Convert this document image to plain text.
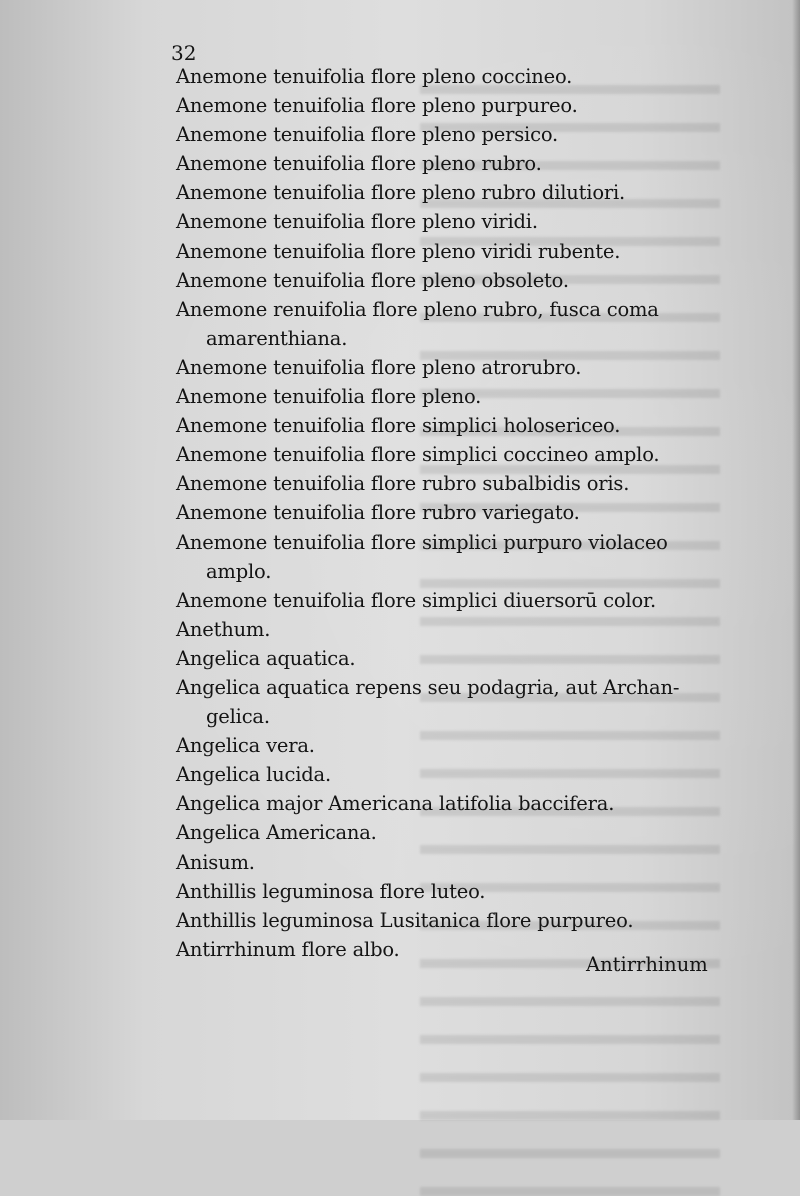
32
Anemone tenuifolia flore pleno coccineo.
Anemone tenuifolia flore pleno purpureo.
Anemone tenuifolia flore pleno persico.
Anemone tenuifolia flore pleno rubro.
Anemone tenuifolia flore pleno rubro dilutiori.
Anemone tenuifolia flore pleno viridi.
Anemone tenuifolia flore pleno viridi rubente.
Anemone tenuifolia flore pleno obsoleto.
Anemone renuifolia flore pleno rubro, fusca coma
amarenthiana.
Anemone tenuifolia flore pleno atrorubro.
Anemone tenuifolia flore pleno.
Anemone tenuifolia flore simplici holosericeo.
Anemone tenuifolia flore simplici coccineo amplo.
Anemone tenuifolia flore rubro subalbidis oris.
Anemone tenuifolia flore rubro variegato.
Anemone tenuifolia flore simplici purpuro violaceo
amplo.
Anemone tenuifolia flore simplici diuersorū color.
Anethum.
Angelica aquatica.
Angelica aquatica repens seu podagria, aut Archan-
gelica.
Angelica vera.
Angelica lucida.
Angelica major Americana latifolia baccifera.
Angelica Americana.
Anisum.
Anthillis leguminosa flore luteo.
Anthillis leguminosa Lusitanica flore purpureo.
Antirrhinum flore albo.
Antirrhinum
